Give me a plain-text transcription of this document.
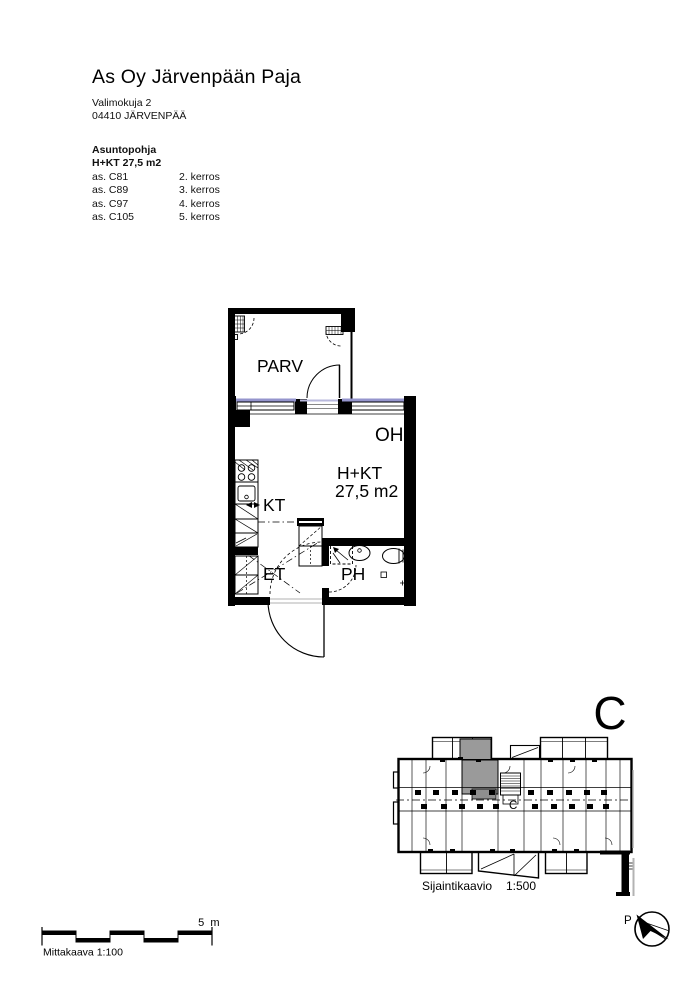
As Oy Järvenpään Paja
Valimokuja 2
04410 JÄRVENPÄÄ
Asuntopohja
H+KT 27,5 m2
as. C81	2. kerros
as. C89	3. kerros
as. C97	4. kerros
as. C105	5. kerros
PARV
OH
H+KT
27,5 m2
KT
ET	PH
C
C
Sijaintikaavio 1:500
5 m
Mittakaava 1:100
P
